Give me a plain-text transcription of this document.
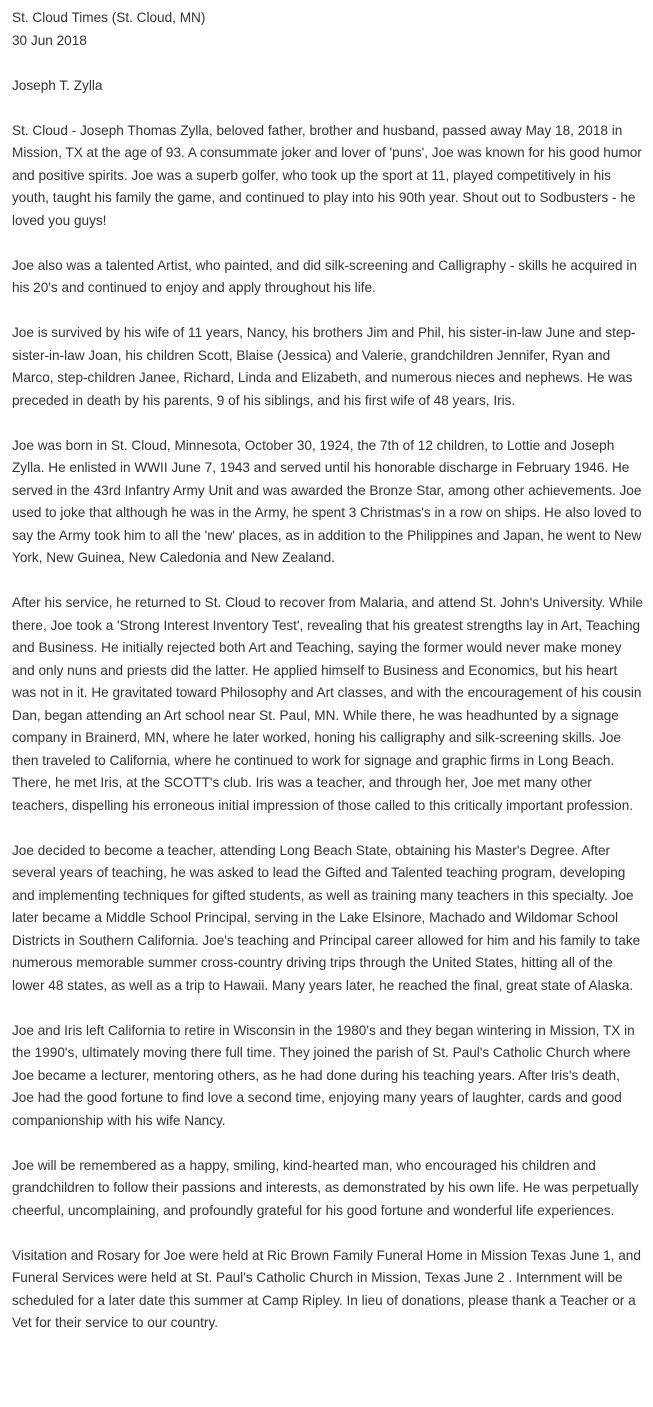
St. Cloud Times (St. Cloud, MN)
30 Jun 2018
Joseph T. Zylla

St. Cloud - Joseph Thomas Zylla, beloved father, brother and husband, passed away May 18, 2018 in Mission, TX at the age of 93. A consummate joker and lover of 'puns', Joe was known for his good humor and positive spirits. Joe was a superb golfer, who took up the sport at 11, played competitively in his youth, taught his family the game, and continued to play into his 90th year. Shout out to Sodbusters - he loved you guys!

Joe also was a talented Artist, who painted, and did silk-screening and Calligraphy - skills he acquired in his 20's and continued to enjoy and apply throughout his life.

Joe is survived by his wife of 11 years, Nancy, his brothers Jim and Phil, his sister-in-law June and step-sister-in-law Joan, his children Scott, Blaise (Jessica) and Valerie, grandchildren Jennifer, Ryan and Marco, step-children Janee, Richard, Linda and Elizabeth, and numerous nieces and nephews. He was preceded in death by his parents, 9 of his siblings, and his first wife of 48 years, Iris.

Joe was born in St. Cloud, Minnesota, October 30, 1924, the 7th of 12 children, to Lottie and Joseph Zylla. He enlisted in WWII June 7, 1943 and served until his honorable discharge in February 1946. He served in the 43rd Infantry Army Unit and was awarded the Bronze Star, among other achievements. Joe used to joke that although he was in the Army, he spent 3 Christmas's in a row on ships. He also loved to say the Army took him to all the 'new' places, as in addition to the Philippines and Japan, he went to New York, New Guinea, New Caledonia and New Zealand.

After his service, he returned to St. Cloud to recover from Malaria, and attend St. John's University. While there, Joe took a 'Strong Interest Inventory Test', revealing that his greatest strengths lay in Art, Teaching and Business. He initially rejected both Art and Teaching, saying the former would never make money and only nuns and priests did the latter. He applied himself to Business and Economics, but his heart was not in it. He gravitated toward Philosophy and Art classes, and with the encouragement of his cousin Dan, began attending an Art school near St. Paul, MN. While there, he was headhunted by a signage company in Brainerd, MN, where he later worked, honing his calligraphy and silk-screening skills. Joe then traveled to California, where he continued to work for signage and graphic firms in Long Beach. There, he met Iris, at the SCOTT's club. Iris was a teacher, and through her, Joe met many other teachers, dispelling his erroneous initial impression of those called to this critically important profession.

Joe decided to become a teacher, attending Long Beach State, obtaining his Master's Degree. After several years of teaching, he was asked to lead the Gifted and Talented teaching program, developing and implementing techniques for gifted students, as well as training many teachers in this specialty. Joe later became a Middle School Principal, serving in the Lake Elsinore, Machado and Wildomar School Districts in Southern California. Joe's teaching and Principal career allowed for him and his family to take numerous memorable summer cross-country driving trips through the United States, hitting all of the lower 48 states, as well as a trip to Hawaii. Many years later, he reached the final, great state of Alaska.

Joe and Iris left California to retire in Wisconsin in the 1980's and they began wintering in Mission, TX in the 1990's, ultimately moving there full time. They joined the parish of St. Paul's Catholic Church where Joe became a lecturer, mentoring others, as he had done during his teaching years. After Iris's death, Joe had the good fortune to find love a second time, enjoying many years of laughter, cards and good companionship with his wife Nancy.

Joe will be remembered as a happy, smiling, kind-hearted man, who encouraged his children and grandchildren to follow their passions and interests, as demonstrated by his own life. He was perpetually cheerful, uncomplaining, and profoundly grateful for his good fortune and wonderful life experiences.

Visitation and Rosary for Joe were held at Ric Brown Family Funeral Home in Mission Texas June 1, and Funeral Services were held at St. Paul's Catholic Church in Mission, Texas June 2 . Internment will be scheduled for a later date this summer at Camp Ripley. In lieu of donations, please thank a Teacher or a Vet for their service to our country.
